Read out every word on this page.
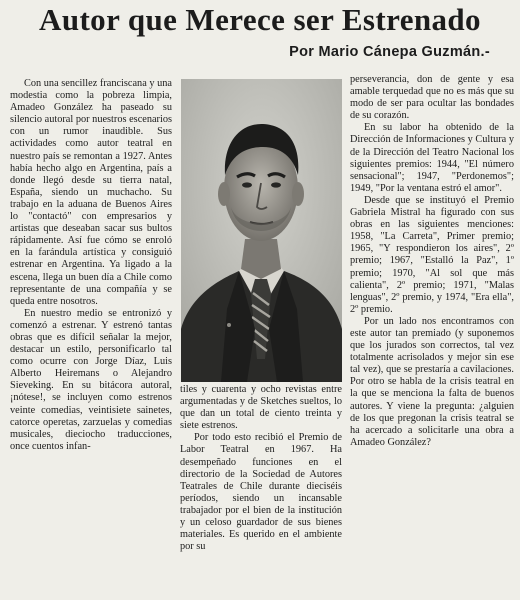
Autor que Merece ser Estrenado
Por Mario Cánepa Guzmán.-

Con una sencillez franciscana y una modestia como la pobreza limpia, Amadeo González ha paseado su silencio autoral por nuestros escenarios con un rumor inaudible. Sus actividades como autor teatral en nuestro país se remontan a 1927. Antes había hecho algo en Argentina, país a donde llegó desde su tierra natal, España, siendo un muchacho. Su trabajo en la aduana de Buenos Aires lo "contactó" con empresarios y artistas que deseaban sacar sus bultos rápidamente. Así fue cómo se enroló en la farándula artística y consiguió estrenar en Argentina. Ya ligado a la escena, llega un buen día a Chile como representante de una compañía y se queda entre nosotros.

En nuestro medio se entronizó y comenzó a estrenar. Y estrenó tantas obras que es difícil señalar la mejor, destacar un estilo, personificarlo tal como ocurre con Jorge Díaz, Luis Alberto Heiremans o Alejandro Sieveking. En su bitácora autoral, ¡nótese!, se incluyen como estrenos veinte comedias, veintisiete sainetes, catorce operetas, zarzuelas y comedias musicales, dieciocho traducciones, once cuentos infan-

tiles y cuarenta y ocho revistas entre argumentadas y de Sketches sueltos, lo que dan un total de ciento treinta y siete estrenos.

Por todo esto recibió el Premio de Labor Teatral en 1967. Ha desempeñado funciones en el directorio de la Sociedad de Autores Teatrales de Chile durante dieciséis períodos, siendo un incansable trabajador por el bien de la institución y un celoso guardador de sus bienes materiales. Es querido en el ambiente por su

perseverancia, don de gente y esa amable terquedad que no es más que su modo de ser para ocultar las bondades de su corazón.

En su labor ha obtenido de la Dirección de Informaciones y Cultura y de la Dirección del Teatro Nacional los siguientes premios: 1944, "El número sensacional"; 1947, "Perdonemos"; 1949, "Por la ventana estró el amor".

Desde que se instituyó el Premio Gabriela Mistral ha figurado con sus obras en las siguientes menciones: 1958, "La Carreta", Primer premio; 1965, "Y respondieron los aires", 2º premio; 1967, "Estalló la Paz", 1º premio; 1970, "Al sol que más calienta", 2º premio; 1971, "Malas lenguas", 2º premio, y 1974, "Era ella", 2º premio.

Por un lado nos encontramos con este autor tan premiado (y suponemos que los jurados son correctos, tal vez totalmente acrisolados y mejor sin ese tal vez), que se prestaría a cavilaciones. Por otro se habla de la crisis teatral en la que se menciona la falta de buenos autores. Y viene la pregunta: ¿alguien de los que pregonan la crisis teatral se ha acercado a solicitarle una obra a Amadeo González?
